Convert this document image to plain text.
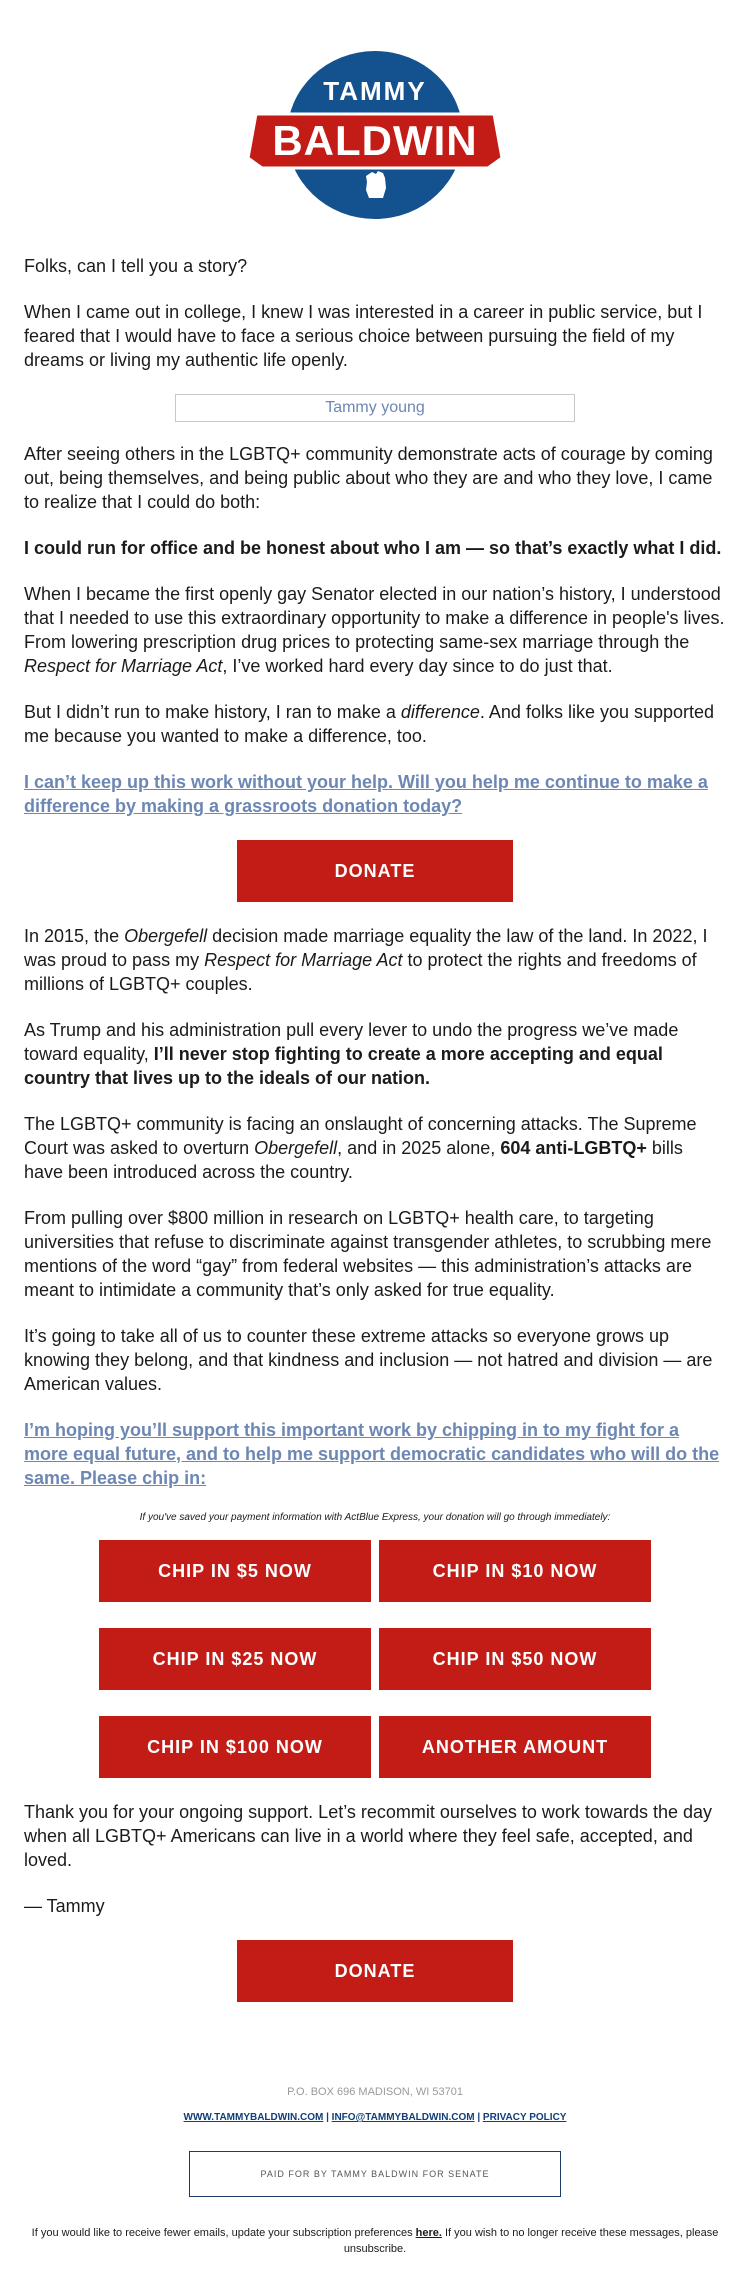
TAMMY
BALDWIN

Folks, can I tell you a story?

When I came out in college, I knew I was interested in a career in public service, but I feared that I would have to face a serious choice between pursuing the field of my dreams or living my authentic life openly.

Tammy young

After seeing others in the LGBTQ+ community demonstrate acts of courage by coming out, being themselves, and being public about who they are and who they love, I came to realize that I could do both:

I could run for office and be honest about who I am — so that’s exactly what I did.

When I became the first openly gay Senator elected in our nation’s history, I understood that I needed to use this extraordinary opportunity to make a difference in people's lives. From lowering prescription drug prices to protecting same-sex marriage through the Respect for Marriage Act, I’ve worked hard every day since to do just that.

But I didn’t run to make history, I ran to make a difference. And folks like you supported me because you wanted to make a difference, too.

I can’t keep up this work without your help. Will you help me continue to make a difference by making a grassroots donation today?
DONATE

In 2015, the Obergefell decision made marriage equality the law of the land. In 2022, I was proud to pass my Respect for Marriage Act to protect the rights and freedoms of millions of LGBTQ+ couples.

As Trump and his administration pull every lever to undo the progress we’ve made toward equality, I’ll never stop fighting to create a more accepting and equal country that lives up to the ideals of our nation.

The LGBTQ+ community is facing an onslaught of concerning attacks. The Supreme Court was asked to overturn Obergefell, and in 2025 alone, 604 anti-LGBTQ+ bills have been introduced across the country.

From pulling over $800 million in research on LGBTQ+ health care, to targeting universities that refuse to discriminate against transgender athletes, to scrubbing mere mentions of the word “gay” from federal websites — this administration’s attacks are meant to intimidate a community that’s only asked for true equality.

It’s going to take all of us to counter these extreme attacks so everyone grows up knowing they belong, and that kindness and inclusion — not hatred and division — are American values.

I’m hoping you’ll support this important work by chipping in to my fight for a more equal future, and to help me support democratic candidates who will do the same. Please chip in:

If you've saved your payment information with ActBlue Express, your donation will go through immediately:

CHIP IN $5 NOW	CHIP IN $10 NOW
CHIP IN $25 NOW	CHIP IN $50 NOW
CHIP IN $100 NOW	ANOTHER AMOUNT

Thank you for your ongoing support. Let’s recommit ourselves to work towards the day when all LGBTQ+ Americans can live in a world where they feel safe, accepted, and loved.

— Tammy

DONATE

P.O. BOX 696 MADISON, WI 53701

WWW.TAMMYBALDWIN.COM | INFO@TAMMYBALDWIN.COM | PRIVACY POLICY

PAID FOR BY TAMMY BALDWIN FOR SENATE

If you would like to receive fewer emails, update your subscription preferences here. If you wish to no longer receive these messages, please unsubscribe.
